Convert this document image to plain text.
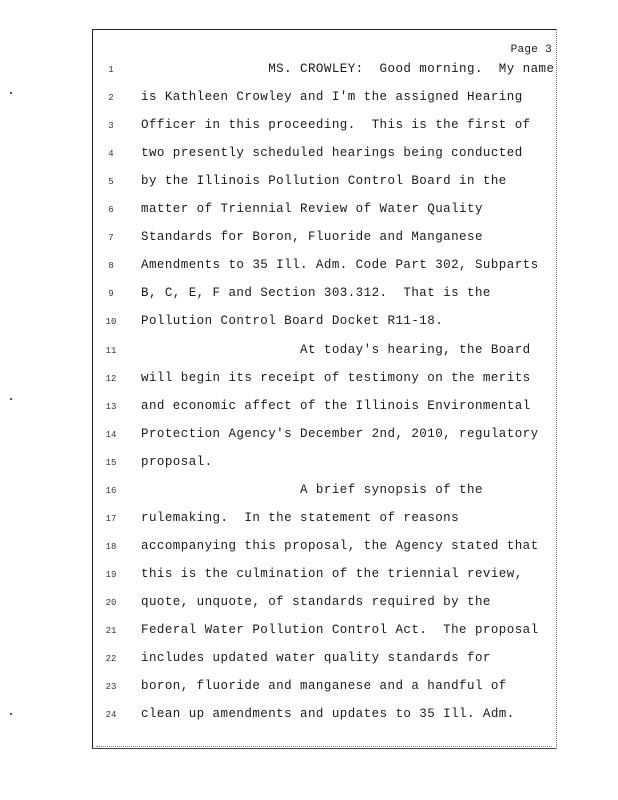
Page 3
1	MS. CROWLEY:  Good morning.  My name
2	is Kathleen Crowley and I'm the assigned Hearing
3	Officer in this proceeding.  This is the first of
4	two presently scheduled hearings being conducted
5	by the Illinois Pollution Control Board in the
6	matter of Triennial Review of Water Quality
7	Standards for Boron, Fluoride and Manganese
8	Amendments to 35 Ill. Adm. Code Part 302, Subparts
9	B, C, E, F and Section 303.312.  That is the
10	Pollution Control Board Docket R11-18.
11	At today's hearing, the Board
12	will begin its receipt of testimony on the merits
13	and economic affect of the Illinois Environmental
14	Protection Agency's December 2nd, 2010, regulatory
15	proposal.
16	A brief synopsis of the
17	rulemaking.  In the statement of reasons
18	accompanying this proposal, the Agency stated that
19	this is the culmination of the triennial review,
20	quote, unquote, of standards required by the
21	Federal Water Pollution Control Act.  The proposal
22	includes updated water quality standards for
23	boron, fluoride and manganese and a handful of
24	clean up amendments and updates to 35 Ill. Adm.
